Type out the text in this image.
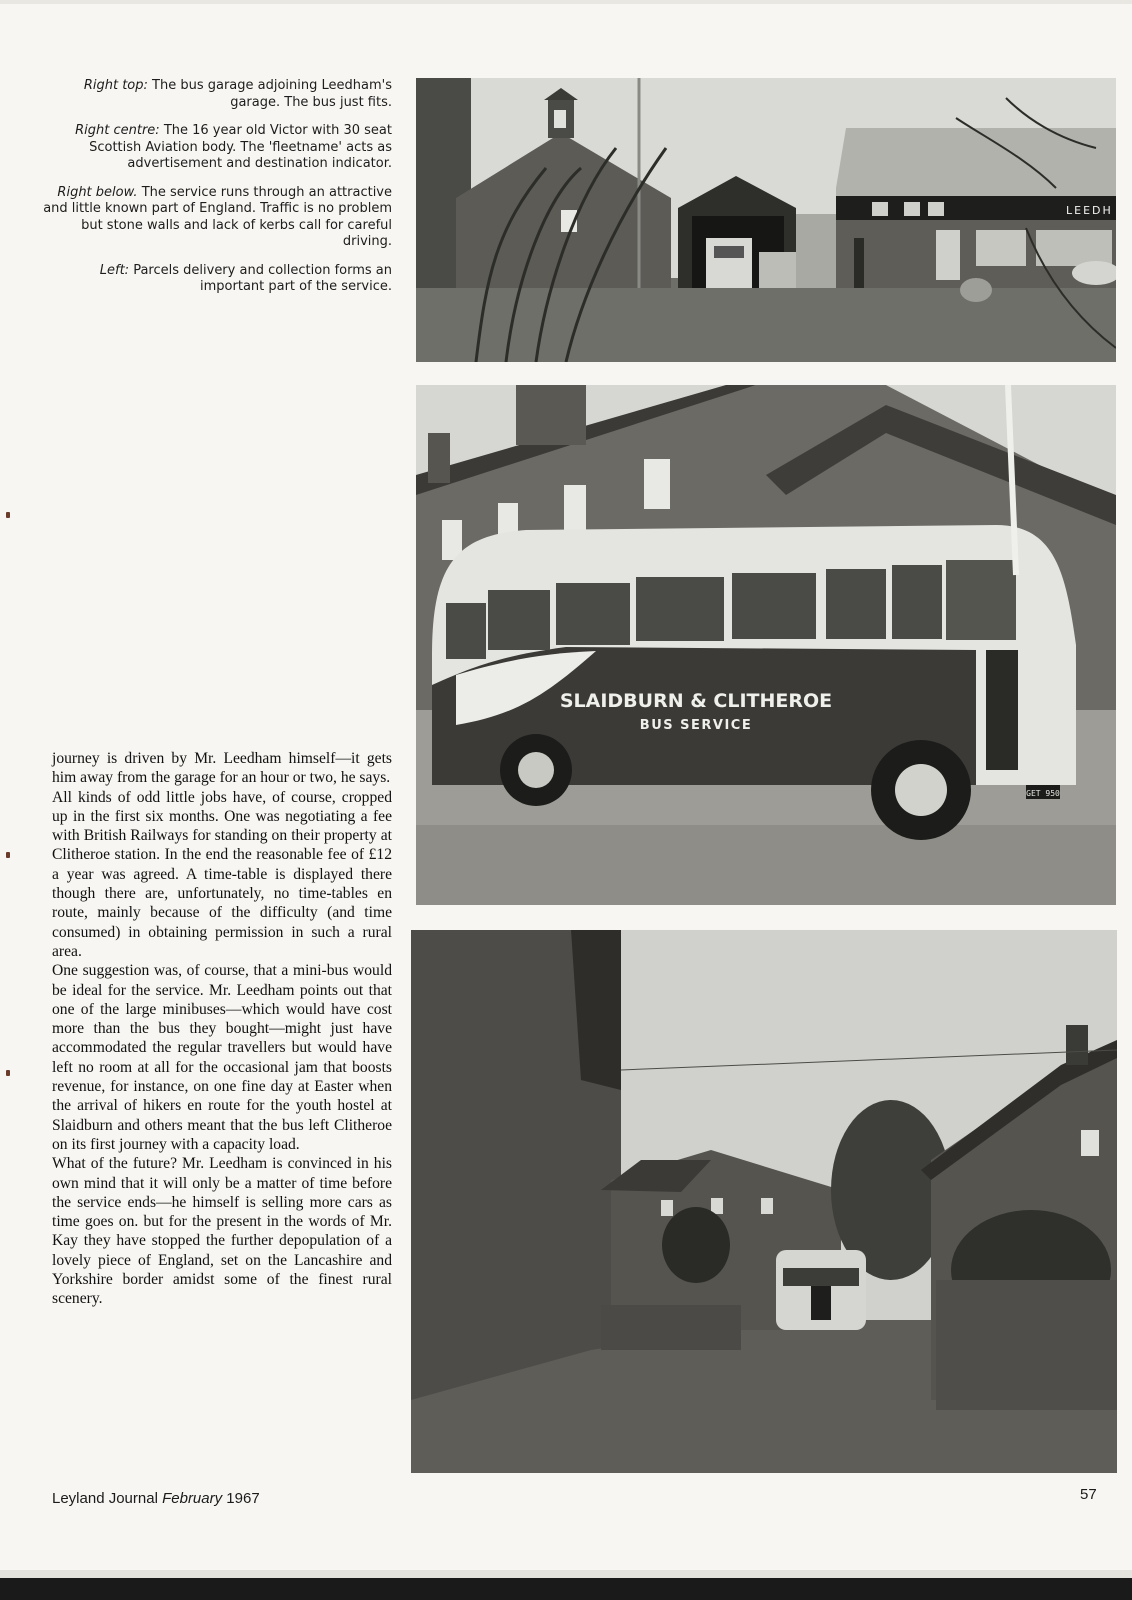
Right top: The bus garage adjoining Leedham's garage. The bus just fits.

Right centre: The 16 year old Victor with 30 seat Scottish Aviation body. The 'fleetname' acts as advertisement and destination indicator.

Right below. The service runs through an attractive and little known part of England. Traffic is no problem but stone walls and lack of kerbs call for careful driving.

Left: Parcels delivery and collection forms an important part of the service.

LEEDH
SLAIDBURN & CLITHEROE
BUS SERVICE
GET 950

journey is driven by Mr. Leedham himself—it gets him away from the garage for an hour or two, he says.

All kinds of odd little jobs have, of course, cropped up in the first six months. One was negotiating a fee with British Railways for standing on their property at Clitheroe station. In the end the reasonable fee of £12 a year was agreed. A time-table is displayed there though there are, unfortunately, no time-tables en route, mainly because of the difficulty (and time consumed) in obtaining permission in such a rural area.

One suggestion was, of course, that a mini-bus would be ideal for the service. Mr. Leedham points out that one of the large minibuses—which would have cost more than the bus they bought—might just have accommodated the regular travellers but would have left no room at all for the occasional jam that boosts revenue, for instance, on one fine day at Easter when the arrival of hikers en route for the youth hostel at Slaidburn and others meant that the bus left Clitheroe on its first journey with a capacity load.

What of the future? Mr. Leedham is convinced in his own mind that it will only be a matter of time before the service ends—he himself is selling more cars as time goes on. but for the present in the words of Mr. Kay they have stopped the further depopulation of a lovely piece of England, set on the Lancashire and Yorkshire border amidst some of the finest rural scenery.

Leyland Journal February 1967	57
